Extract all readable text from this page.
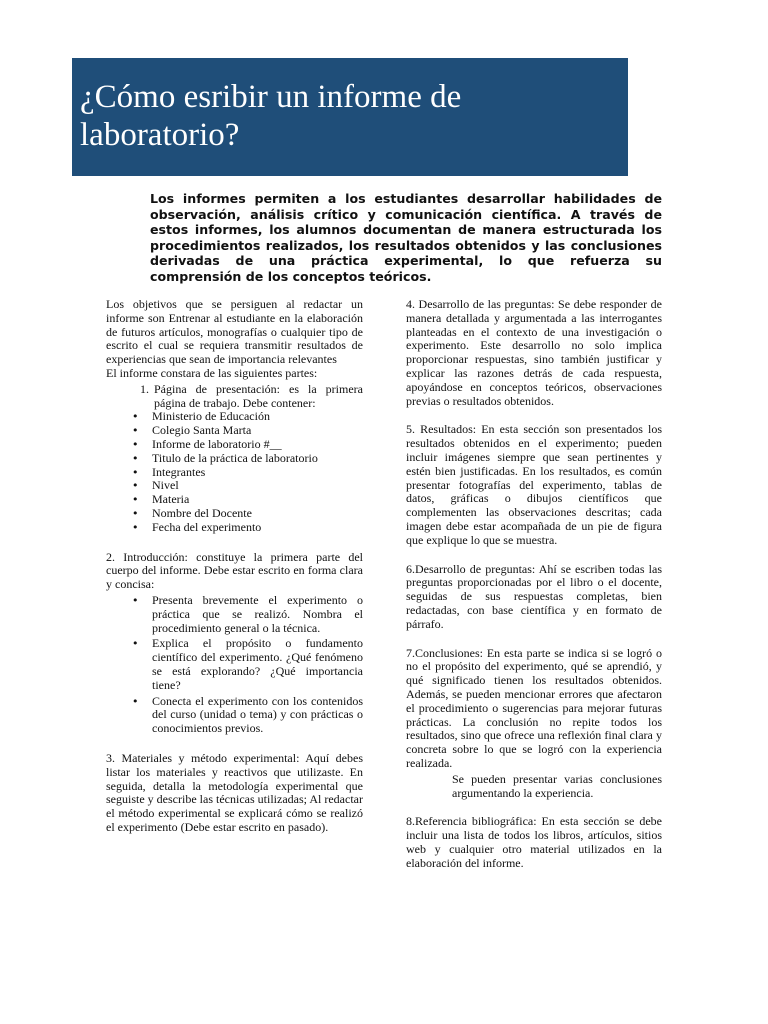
¿Cómo esribir un informe de
laboratorio?

Los informes permiten a los estudiantes desarrollar habilidades de observación, análisis crítico y comunicación científica. A través de estos informes, los alumnos documentan de manera estructurada los procedimientos realizados, los resultados obtenidos y las conclusiones derivadas de una práctica experimental, lo que refuerza su comprensión de los conceptos teóricos.

Los objetivos que se persiguen al redactar un informe son Entrenar al estudiante en la elaboración de futuros artículos, monografías o cualquier tipo de escrito el cual se requiera transmitir resultados de experiencias que sean de importancia relevantes

El informe constara de las siguientes partes:

1. Página de presentación: es la primera página de trabajo. Debe contener:
• Ministerio de Educación
• Colegio Santa Marta
• Informe de laboratorio #__
• Titulo de la práctica de laboratorio
• Integrantes
• Nivel
• Materia
• Nombre del Docente
• Fecha del experimento

2. Introducción: constituye la primera parte del cuerpo del informe. Debe estar escrito en forma clara y concisa:

• Presenta brevemente el experimento o práctica que se realizó. Nombra el procedimiento general o la técnica.
• Explica el propósito o fundamento científico del experimento. ¿Qué fenómeno se está explorando? ¿Qué importancia tiene?
• Conecta el experimento con los contenidos del curso (unidad o tema) y con prácticas o conocimientos previos.

3. Materiales y método experimental: Aquí debes listar los materiales y reactivos que utilizaste. En seguida, detalla la metodología experimental que seguiste y describe las técnicas utilizadas; Al redactar el método experimental se explicará cómo se realizó el experimento (Debe estar escrito en pasado).

4. Desarrollo de las preguntas: Se debe responder de manera detallada y argumentada a las interrogantes planteadas en el contexto de una investigación o experimento. Este desarrollo no solo implica proporcionar respuestas, sino también justificar y explicar las razones detrás de cada respuesta, apoyándose en conceptos teóricos, observaciones previas o resultados obtenidos.

5. Resultados: En esta sección son presentados los resultados obtenidos en el experimento; pueden incluir imágenes siempre que sean pertinentes y estén bien justificadas. En los resultados, es común presentar fotografías del experimento, tablas de datos, gráficas o dibujos científicos que complementen las observaciones descritas; cada imagen debe estar acompañada de un pie de figura que explique lo que se muestra.

6.Desarrollo de preguntas: Ahí se escriben todas las preguntas proporcionadas por el libro o el docente, seguidas de sus respuestas completas, bien redactadas, con base científica y en formato de párrafo.

7.Conclusiones: En esta parte se indica si se logró o no el propósito del experimento, qué se aprendió, y qué significado tienen los resultados obtenidos. Además, se pueden mencionar errores que afectaron el procedimiento o sugerencias para mejorar futuras prácticas. La conclusión no repite todos los resultados, sino que ofrece una reflexión final clara y concreta sobre lo que se logró con la experiencia realizada.

Se pueden presentar varias conclusiones argumentando la experiencia.

8.Referencia bibliográfica: En esta sección se debe incluir una lista de todos los libros, artículos, sitios web y cualquier otro material utilizados en la elaboración del informe.
